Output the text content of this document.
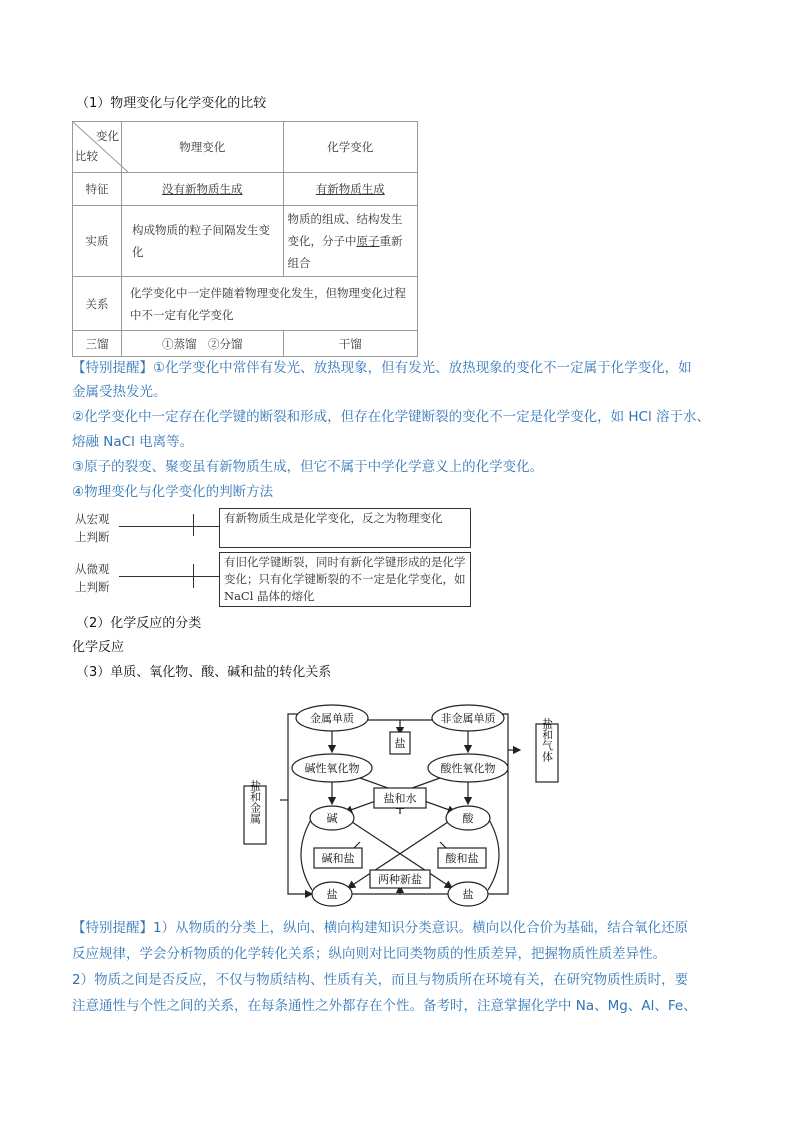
（1）物理变化与化学变化的比较
变化
比较	物理变化	化学变化
特征	没有新物质生成	有新物质生成
实质	构成物质的粒子间隔发生变化	物质的组成、结构发生变化，分子中原子重新组合
关系	化学变化中一定伴随着物理变化发生，但物理变化过程中不一定有化学变化	
三馏	①蒸馏　②分馏	干馏
【特别提醒】①化学变化中常伴有发光、放热现象，但有发光、放热现象的变化不一定属于化学变化，如
金属受热发光。
②化学变化中一定存在化学键的断裂和形成，但存在化学键断裂的变化不一定是化学变化，如 HCl 溶于水、
熔融 NaCl 电离等。
③原子的裂变、聚变虽有新物质生成，但它不属于中学化学意义上的化学变化。
④物理变化与化学变化的判断方法
从宏观
上判断
有新物质生成是化学变化，反之为物理变化
从微观
上判断
有旧化学键断裂，同时有新化学键形成的是化学变化；只有化学键断裂的不一定是化学变化，如 NaCl 晶体的熔化
（2）化学反应的分类
化学反应
（3）单质、氧化物、酸、碱和盐的转化关系
金属单质	非金属单质
盐
碱性氧化物	酸性氧化物
盐和水
碱	酸
碱和盐	酸和盐
两种新盐
盐	盐
盐和金属
盐和气体
【特别提醒】1）从物质的分类上，纵向、横向构建知识分类意识。横向以化合价为基础，结合氧化还原
反应规律，学会分析物质的化学转化关系；纵向则对比同类物质的性质差异，把握物质性质差异性。
2）物质之间是否反应，不仅与物质结构、性质有关，而且与物质所在环境有关，在研究物质性质时，要
注意通性与个性之间的关系，在每条通性之外都存在个性。备考时，注意掌握化学中 Na、Mg、Al、Fe、
